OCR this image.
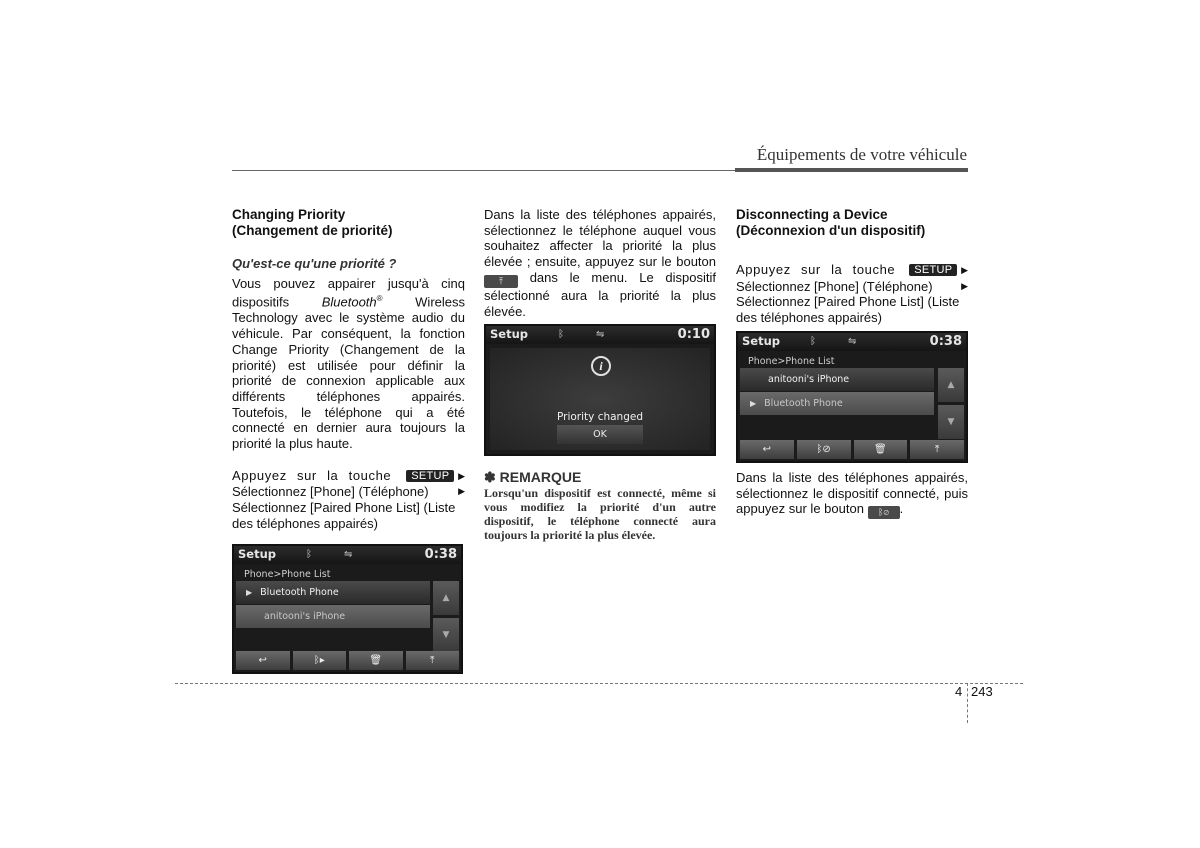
Équipements de votre véhicule
Changing Priority
(Changement de priorité)
Qu'est-ce qu'une priorité ?

Vous pouvez appairer jusqu'à cinq dispositifs Bluetooth® Wireless Technology avec le système audio du véhicule. Par conséquent, la fonction Change Priority (Changement de la priorité) est utilisée pour définir la priorité de connexion applicable aux différents téléphones appairés. Toutefois, le téléphone qui a été connecté en dernier aura toujours la priorité la plus haute.

Appuyez sur la touche	SETUP ▶

Sélectionnez [Phone] (Téléphone)	▶

Sélectionnez [Paired Phone List] (Liste des téléphones appairés)

Setup	ᛒ	⇋	0:38
Phone>Phone List
▶ Bluetooth Phone
anitooni's iPhone
▲
▼
↩	ᛒ▸	🗑	⤒

Dans la liste des téléphones appairés, sélectionnez le téléphone auquel vous souhaitez affecter la priorité la plus élevée ; ensuite, appuyez sur le bouton ⤒ dans le menu. Le dispositif sélectionné aura la priorité la plus élevée.

Setup	ᛒ	⇋	0:10
i
Priority changed
OK
✽ REMARQUE

Lorsqu'un dispositif est connecté, même si vous modifiez la priorité d'un autre dispositif, le téléphone connecté aura toujours la priorité la plus élevée.

Disconnecting a Device
(Déconnexion d'un dispositif)

Appuyez sur la touche	SETUP ▶

Sélectionnez [Phone] (Téléphone)	▶

Sélectionnez [Paired Phone List] (Liste des téléphones appairés)

Setup	ᛒ	⇋	0:38
Phone>Phone List
anitooni's iPhone
▶ Bluetooth Phone
▲
▼
↩	ᛒ⊘	🗑	⤒

Dans la liste des téléphones appairés, sélectionnez le dispositif connecté, puis appuyez sur le bouton ᛒ⊘ .

4 243
